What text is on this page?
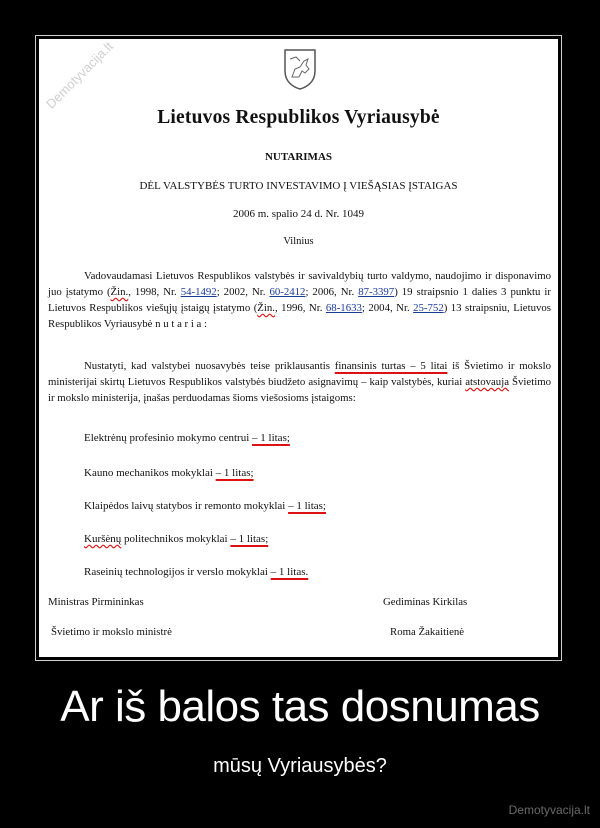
Demotyvacija.lt
Lietuvos Respublikos Vyriausybė
NUTARIMAS
DĖL VALSTYBĖS TURTO INVESTAVIMO Į VIEŠĄSIAS ĮSTAIGAS
2006 m. spalio 24 d. Nr. 1049
Vilnius
Vadovaudamasi Lietuvos Respublikos valstybės ir savivaldybių turto valdymo, naudojimo ir disponavimo juo įstatymo (Žin., 1998, Nr. 54-1492; 2002, Nr. 60-2412; 2006, Nr. 87-3397) 19 straipsnio 1 dalies 3 punktu ir Lietuvos Respublikos viešųjų įstaigų įstatymo (Žin., 1996, Nr. 68-1633; 2004, Nr. 25-752) 13 straipsniu, Lietuvos Respublikos Vyriausybė n u t a r i a :
Nustatyti, kad valstybei nuosavybės teise priklausantis finansinis turtas – 5 litai iš Švietimo ir mokslo ministerijai skirtų Lietuvos Respublikos valstybės biudžeto asignavimų – kaip valstybės, kuriai atstovauja Švietimo ir mokslo ministerija, įnašas perduodamas šioms viešosioms įstaigoms:
Elektrėnų profesinio mokymo centrui – 1 litas;
Kauno mechanikos mokyklai – 1 litas;
Klaipėdos laivų statybos ir remonto mokyklai – 1 litas;
Kuršėnų politechnikos mokyklai – 1 litas;
Raseinių technologijos ir verslo mokyklai – 1 litas.
Ministras Pirmininkas	Gediminas Kirkilas
Švietimo ir mokslo ministrė	Roma Žakaitienė
Ar iš balos tas dosnumas
mūsų Vyriausybės?
Demotyvacija.lt
